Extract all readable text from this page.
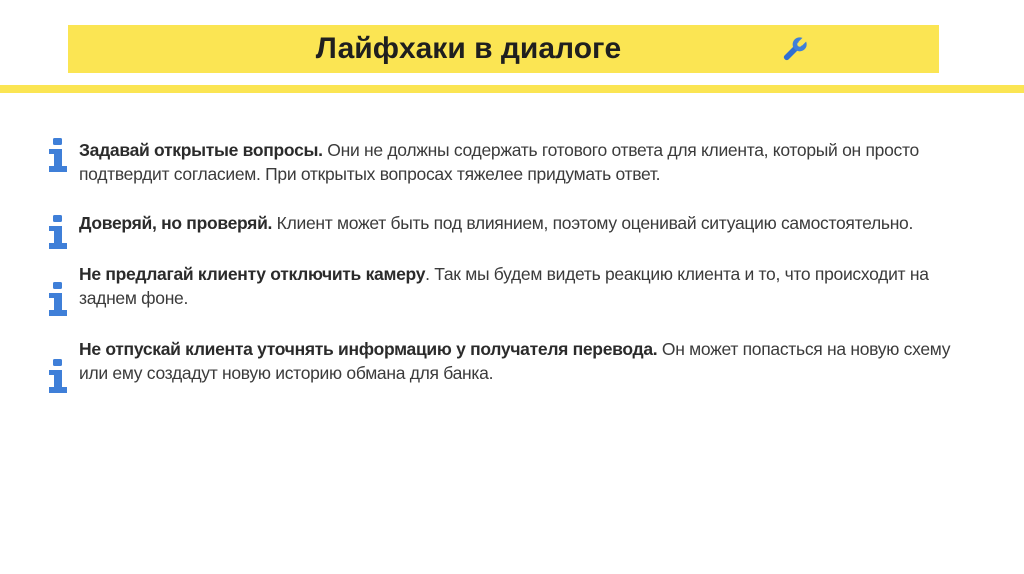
Лайфхаки в диалоге
Задавай открытые вопросы. Они не должны содержать готового ответа для клиента, который он просто подтвердит согласием. При открытых вопросах тяжелее придумать ответ.
Доверяй, но проверяй. Клиент может быть под влиянием, поэтому оценивай ситуацию самостоятельно.
Не предлагай клиенту отключить камеру. Так мы будем видеть реакцию клиента и то, что происходит на заднем фоне.
Не отпускай клиента уточнять информацию у получателя перевода. Он может попасться на новую схему или ему создадут новую историю обмана для банка.
